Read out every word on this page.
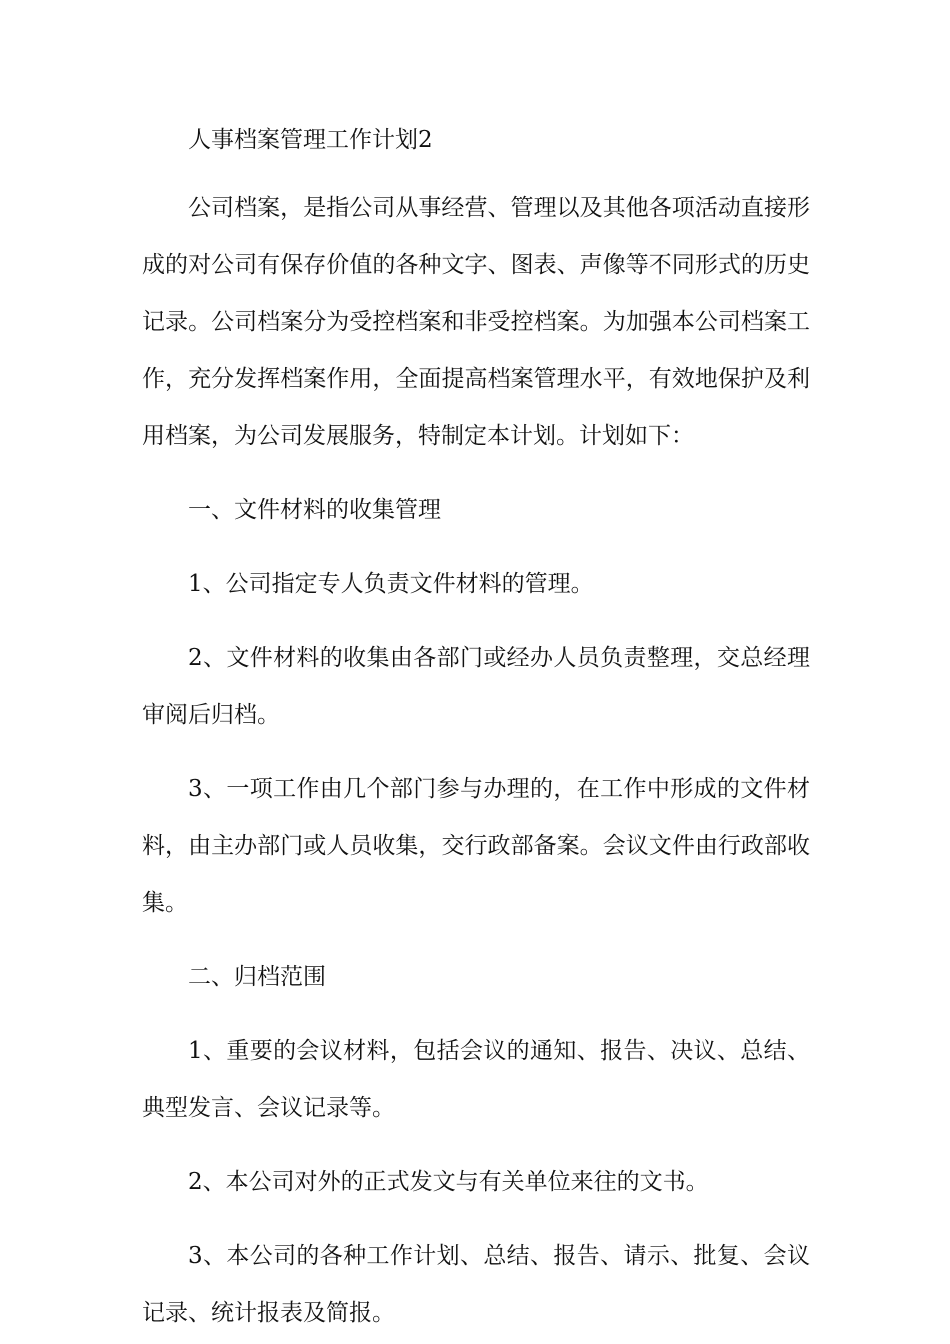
人事档案管理工作计划2

公司档案，是指公司从事经营、管理以及其他各项活动直接形成的对公司有保存价值的各种文字、图表、声像等不同形式的历史记录。公司档案分为受控档案和非受控档案。为加强本公司档案工作，充分发挥档案作用，全面提高档案管理水平，有效地保护及利用档案，为公司发展服务，特制定本计划。计划如下：

一、文件材料的收集管理

1、公司指定专人负责文件材料的管理。

2、文件材料的收集由各部门或经办人员负责整理，交总经理审阅后归档。

3、一项工作由几个部门参与办理的，在工作中形成的文件材料，由主办部门或人员收集，交行政部备案。会议文件由行政部收集。

二、归档范围

1、重要的会议材料，包括会议的通知、报告、决议、总结、典型发言、会议记录等。

2、本公司对外的正式发文与有关单位来往的文书。

3、本公司的各种工作计划、总结、报告、请示、批复、会议记录、统计报表及简报。
